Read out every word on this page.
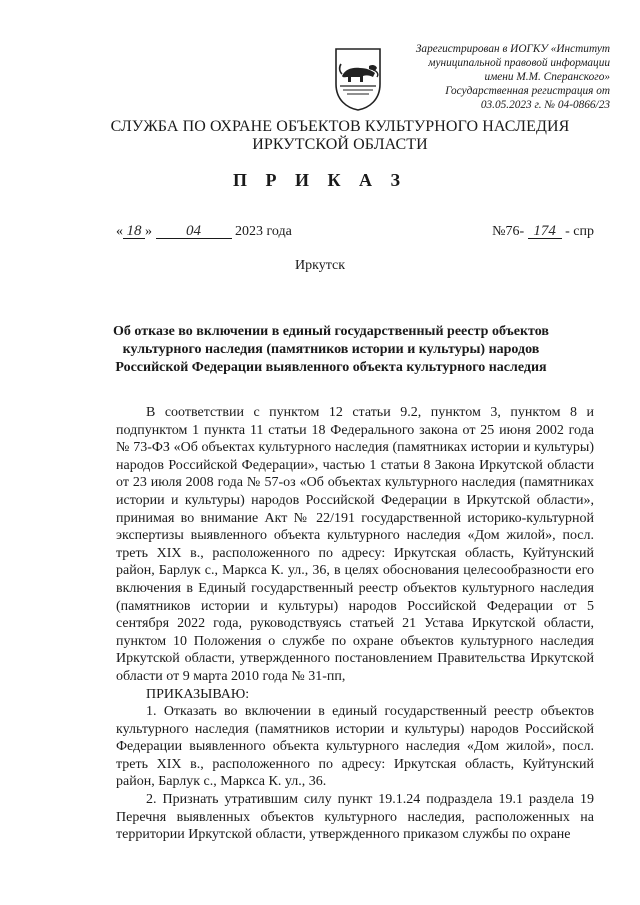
Зарегистрирован в ИОГКУ «Институт
муниципальной правовой информации
имени М.М. Сперанского»
Государственная регистрация от
03.05.2023 г. № 04-0866/23
СЛУЖБА ПО ОХРАНЕ ОБЪЕКТОВ КУЛЬТУРНОГО НАСЛЕДИЯ
ИРКУТСКОЙ ОБЛАСТИ
П Р И К А З
« 18 » 04 2023 года	№76- 174 - спр
Иркутск
Об отказе во включении в единый государственный реестр объектов культурного наследия (памятников истории и культуры) народов Российской Федерации выявленного объекта культурного наследия

В соответствии с пунктом 12 статьи 9.2, пунктом 3, пунктом 8 и подпунктом 1 пункта 11 статьи 18 Федерального закона от 25 июня 2002 года № 73-ФЗ «Об объектах культурного наследия (памятниках истории и культуры) народов Российской Федерации», частью 1 статьи 8 Закона Иркутской области от 23 июля 2008 года № 57-оз «Об объектах культурного наследия (памятниках истории и культуры) народов Российской Федерации в Иркутской области», принимая во внимание Акт № 22/191 государственной историко-культурной экспертизы выявленного объекта культурного наследия «Дом жилой», посл. треть XIX в., расположенного по адресу: Иркутская область, Куйтунский район, Барлук с., Маркса К. ул., 36, в целях обоснования целесообразности его включения в Единый государственный реестр объектов культурного наследия (памятников истории и культуры) народов Российской Федерации от 5 сентября 2022 года, руководствуясь статьей 21 Устава Иркутской области, пунктом 10 Положения о службе по охране объектов культурного наследия Иркутской области, утвержденного постановлением Правительства Иркутской области от 9 марта 2010 года № 31-пп,

ПРИКАЗЫВАЮ:

1. Отказать во включении в единый государственный реестр объектов культурного наследия (памятников истории и культуры) народов Российской Федерации выявленного объекта культурного наследия «Дом жилой», посл. треть XIX в., расположенного по адресу: Иркутская область, Куйтунский район, Барлук с., Маркса К. ул., 36.

2. Признать утратившим силу пункт 19.1.24 подраздела 19.1 раздела 19 Перечня выявленных объектов культурного наследия, расположенных на территории Иркутской области, утвержденного приказом службы по охране
